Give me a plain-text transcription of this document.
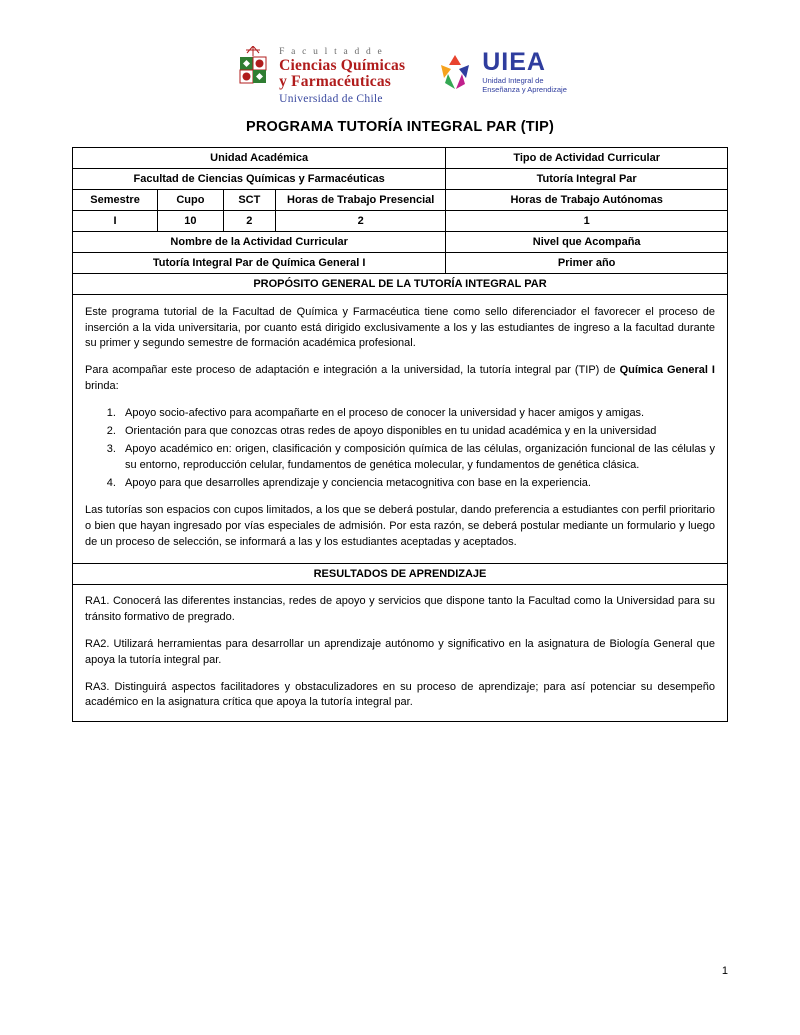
F a c u l t a d d e
Ciencias Químicas
y Farmacéuticas
Universidad de Chile
UIEA
Unidad Integral de
Enseñanza y Aprendizaje
PROGRAMA TUTORÍA INTEGRAL PAR (TIP)
Unidad Académica				Tipo de Actividad Curricular
Facultad de Ciencias Químicas y Farmacéuticas				Tutoría Integral Par
Semestre	Cupo	SCT	Horas de Trabajo Presencial	Horas de Trabajo Autónomas
I	10	2	2	1
Nombre de la Actividad Curricular				Nivel que Acompaña
Tutoría Integral Par de Química General I				Primer año
PROPÓSITO GENERAL DE LA TUTORÍA INTEGRAL PAR				

Este programa tutorial de la Facultad de Química y Farmacéutica tiene como sello diferenciador el favorecer el proceso de inserción a la vida universitaria, por cuanto está dirigido exclusivamente a los y las estudiantes de ingreso a la facultad durante su primer y segundo semestre de formación académica profesional.

Para acompañar este proceso de adaptación e integración a la universidad, la tutoría integral par (TIP) de Química General I brinda:

1. Apoyo socio-afectivo para acompañarte en el proceso de conocer la universidad y hacer amigos y amigas.
2. Orientación para que conozcas otras redes de apoyo disponibles en tu unidad académica y en la universidad
3. Apoyo académico en: origen, clasificación y composición química de las células, organización funcional de las células y su entorno, reproducción celular, fundamentos de genética molecular, y fundamentos de genética clásica.
4. Apoyo para que desarrolles aprendizaje y conciencia metacognitiva con base en la experiencia.

Las tutorías son espacios con cupos limitados, a los que se deberá postular, dando preferencia a estudiantes con perfil prioritario o bien que hayan ingresado por vías especiales de admisión. Por esta razón, se deberá postular mediante un formulario y luego de un proceso de selección, se informará a las y los estudiantes aceptadas y aceptados.

RESULTADOS DE APRENDIZAJE				

RA1. Conocerá las diferentes instancias, redes de apoyo y servicios que dispone tanto la Facultad como la Universidad para su tránsito formativo de pregrado.

RA2. Utilizará herramientas para desarrollar un aprendizaje autónomo y significativo en la asignatura de Biología General que apoya la tutoría integral par.

RA3. Distinguirá aspectos facilitadores y obstaculizadores en su proceso de aprendizaje; para así potenciar su desempeño académico en la asignatura crítica que apoya la tutoría integral par.				

1
